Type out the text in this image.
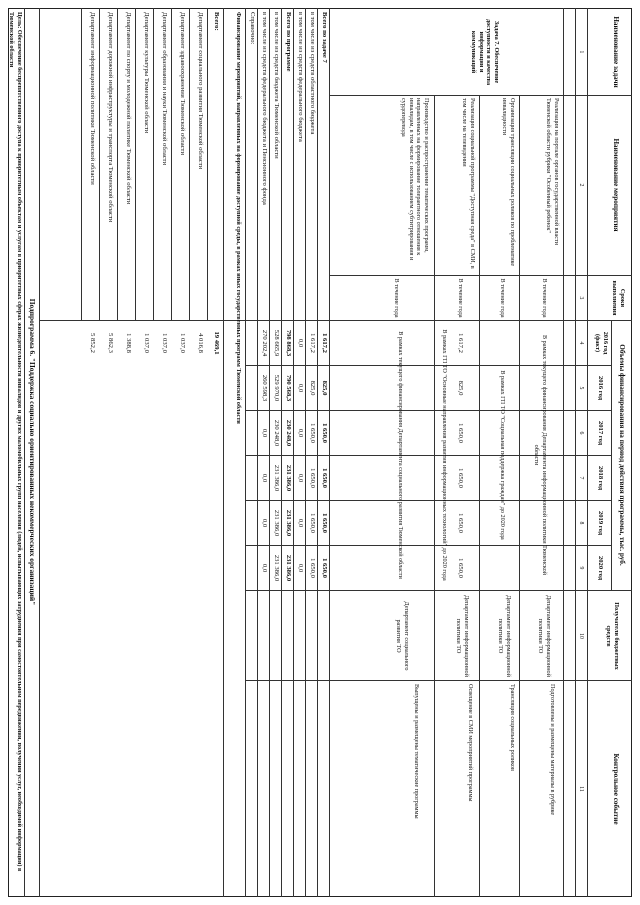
Наименование задачи
Наименование мероприятия
Сроки выполнения
Объемы финансирования на период действия программы, тыс. руб.
2016 год (факт)
2016 год
2017 год
2018 год
2019 год
2020 год
Получатели бюджетных средств
Контрольное событие
1
2
3
4
5
6
7
8
9
10
11
Задача 7. Обеспечение доступности и качества информации и коммуникаций
Реализация на портале органов государственной власти Тюменской области рубрики "Особенный ребенок"
В течение года
В рамках текущего финансирования Департамента информационной политики Тюменской области
Департамент информационной политики ТО
Подготовлены и размещены материалы в рубрике
Организация трансляции социальных роликов по проблематике инвалидности
В течение года
В рамках ГП ТО "Социальная поддержка граждан" до 2020 года
Департамент информационной политики ТО
Трансляция социальных роликов
Реализация социальной программы "Доступная среда" в СМИ, в том числе на телевидении
В течение года
1 617,2
825,0
1 650,0
1 650,0
1 650,0
1 650,0
В рамках ГП ТО "Основные направления развития информационных технологий" до 2020 года
Департамент информационной политики ТО
Освещение в СМИ мероприятий программы
Производство и распространение тематических программ, направленных на формирование толерантного отношения к инвалидам, в том числе с использованием субтитрирования и сурдоперевода
В течение года
В рамках текущего финансирования Департамента социального развития Тюменской области
Департамент социального развития ТО
Выпущены и размещены тематические программы
Всего по задаче 7
1 617,2
825,0
1 650,0
1 650,0
1 650,0
1 650,0
в том числе из средств областного бюджета
1 617,2
825,0
1 650,0
1 650,0
1 650,0
1 650,0
в том числе из средств федерального бюджета
0,0
0,0
0,0
0,0
0,0
0,0
Всего по программе
798 868,3
790 568,3
230 248,0
231 386,0
231 386,0
231 386,0
в том числе из средств бюджета Тюменской области
528 665,9
529 970,0
230 248,0
231 386,0
231 386,0
231 386,0
в том числе из средств федерального бюджета и Пенсионного фонда
270 202,4
260 598,3
0,0
0,0
0,0
0,0
Справочно:
Финансирование мероприятий, направленных на формирование доступной среды, в рамках иных государственных программ Тюменской области
Всего:
19 469,1
Департамент социального развития Тюменской области
4 016,8
Департамент здравоохранения Тюменской области
1 037,0
Департамент образования и науки Тюменской области
1 037,0
Департамент культуры Тюменской области
1 037,0
Департамент по спорту и молодежной политике Тюменской области
1 388,8
Департамент дорожной инфраструктуры и транспорта Тюменской области
5 862,3
Департамент информационной политики Тюменской области
5 852,2
Подпрограмма 6. "Поддержка социально ориентированных некоммерческих организаций"
Цель: Обеспечение беспрепятственного доступа к приоритетным объектам и услугам в приоритетных сферах жизнедеятельности инвалидов и других маломобильных групп населения (людей, испытывающих затруднения при самостоятельном передвижении, получении услуг, необходимой информации) в Тюменской области
